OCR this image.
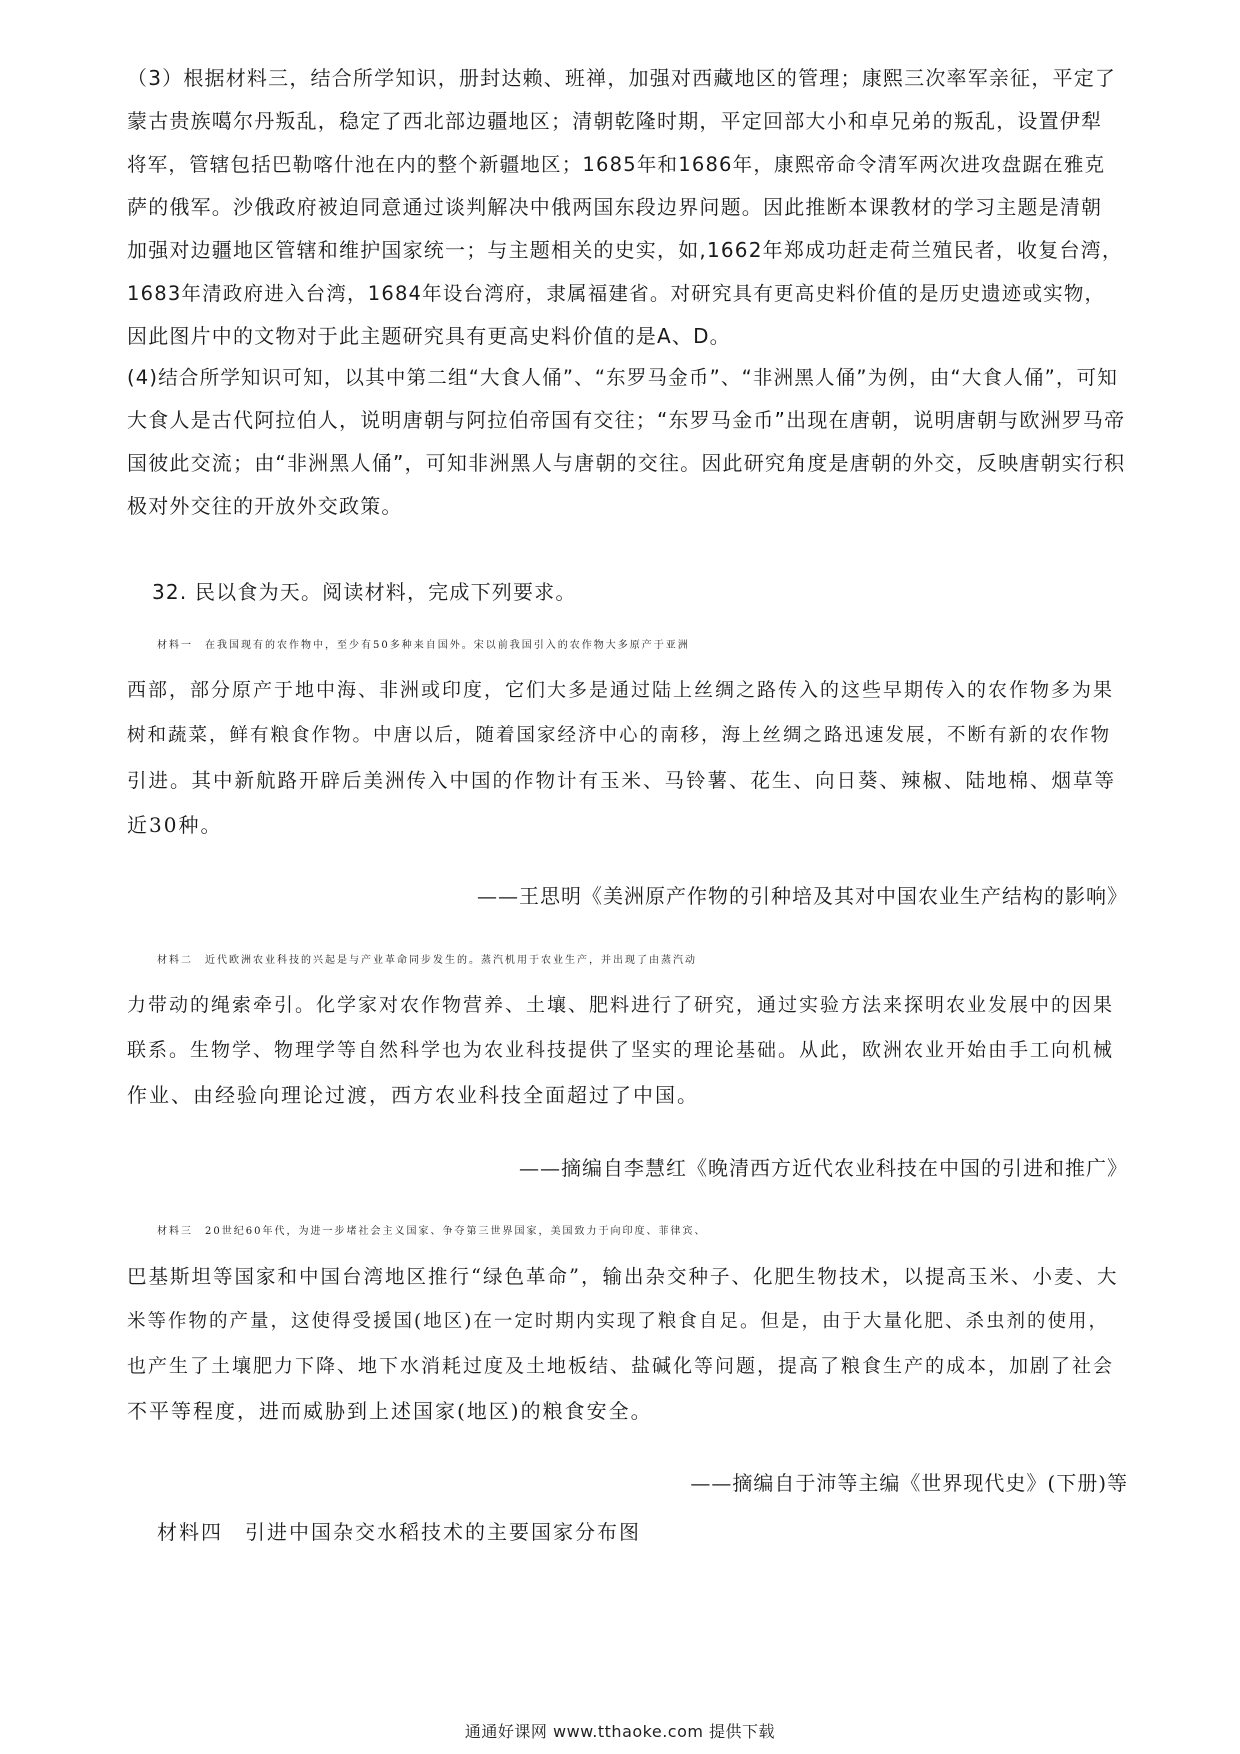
（3）根据材料三，结合所学知识，册封达赖、班禅，加强对西藏地区的管理；康熙三次率军亲征，平定了
蒙古贵族噶尔丹叛乱，稳定了西北部边疆地区；清朝乾隆时期，平定回部大小和卓兄弟的叛乱，设置伊犁
将军，管辖包括巴勒喀什池在内的整个新疆地区；1685年和1686年，康熙帝命令清军两次进攻盘踞在雅克
萨的俄军。沙俄政府被迫同意通过谈判解决中俄两国东段边界问题。因此推断本课教材的学习主题是清朝
加强对边疆地区管辖和维护国家统一；与主题相关的史实，如,1662年郑成功赶走荷兰殖民者，收复台湾，
1683年清政府进入台湾，1684年设台湾府，隶属福建省。对研究具有更高史料价值的是历史遗迹或实物，
因此图片中的文物对于此主题研究具有更高史料价值的是A、D。
(4)结合所学知识可知，以其中第二组“大食人俑”、“东罗马金币”、“非洲黑人俑”为例，由“大食人俑”，可知
大食人是古代阿拉伯人，说明唐朝与阿拉伯帝国有交往；“东罗马金币”出现在唐朝，说明唐朝与欧洲罗马帝
国彼此交流；由“非洲黑人俑”，可知非洲黑人与唐朝的交往。因此研究角度是唐朝的外交，反映唐朝实行积
极对外交往的开放外交政策。

32. 民以食为天。阅读材料，完成下列要求。

材料一　在我国现有的农作物中，至少有50多种来自国外。宋以前我国引入的农作物大多原产于亚洲
西部，部分原产于地中海、非洲或印度，它们大多是通过陆上丝绸之路传入的这些早期传入的农作物多为果
树和蔬菜，鲜有粮食作物。中唐以后，随着国家经济中心的南移，海上丝绸之路迅速发展，不断有新的农作物
引进。其中新航路开辟后美洲传入中国的作物计有玉米、马铃薯、花生、向日葵、辣椒、陆地棉、烟草等
近30种。

——王思明《美洲原产作物的引种培及其对中国农业生产结构的影响》

材料二　近代欧洲农业科技的兴起是与产业革命同步发生的。蒸汽机用于农业生产，并出现了由蒸汽动
力带动的绳索牵引。化学家对农作物营养、土壤、肥料进行了研究，通过实验方法来探明农业发展中的因果
联系。生物学、物理学等自然科学也为农业科技提供了坚实的理论基础。从此，欧洲农业开始由手工向机械
作业、由经验向理论过渡，西方农业科技全面超过了中国。

——摘编自李慧红《晚清西方近代农业科技在中国的引进和推广》

材料三　20世纪60年代，为进一步堵社会主义国家、争夺第三世界国家，美国致力于向印度、菲律宾、
巴基斯坦等国家和中国台湾地区推行“绿色革命”，输出杂交种子、化肥生物技术，以提高玉米、小麦、大
米等作物的产量，这使得受援国(地区)在一定时期内实现了粮食自足。但是，由于大量化肥、杀虫剂的使用，
也产生了土壤肥力下降、地下水消耗过度及土地板结、盐碱化等问题，提高了粮食生产的成本，加剧了社会
不平等程度，进而威胁到上述国家(地区)的粮食安全。

——摘编自于沛等主编《世界现代史》(下册)等

材料四　引进中国杂交水稻技术的主要国家分布图

通通好课网 www.tthaoke.com 提供下载
